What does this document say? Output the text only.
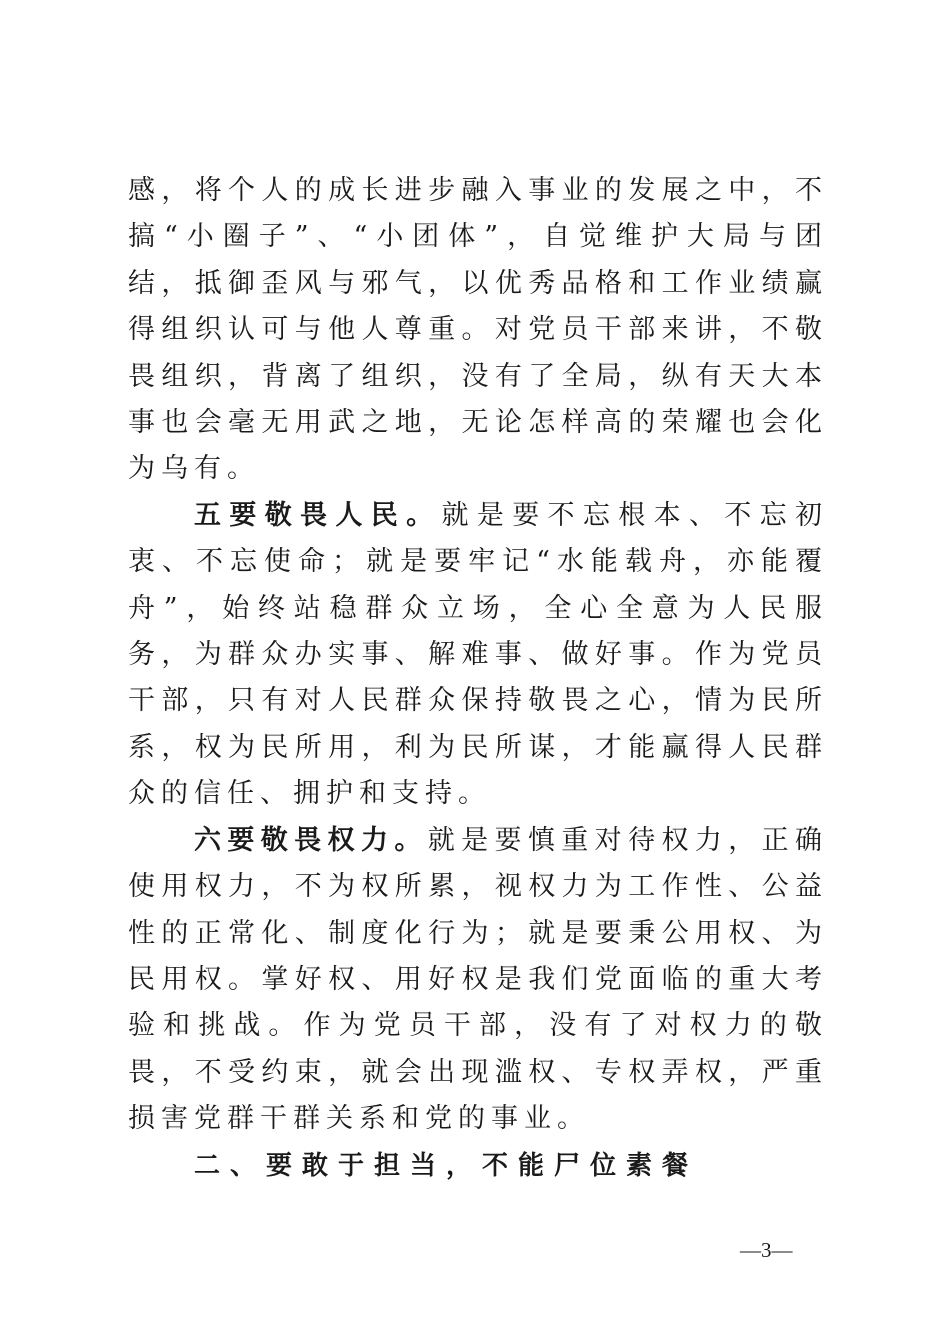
感，将个人的成长进步融入事业的发展之中，不搞“小圈子”、“小团体”，自觉维护大局与团结，抵御歪风与邪气，以优秀品格和工作业绩赢得组织认可与他人尊重。对党员干部来讲，不敬畏组织，背离了组织，没有了全局，纵有天大本事也会毫无用武之地，无论怎样高的荣耀也会化为乌有。

五要敬畏人民。就是要不忘根本、不忘初衷、不忘使命；就是要牢记“水能载舟，亦能覆舟”，始终站稳群众立场，全心全意为人民服务，为群众办实事、解难事、做好事。作为党员干部，只有对人民群众保持敬畏之心，情为民所系，权为民所用，利为民所谋，才能赢得人民群众的信任、拥护和支持。

六要敬畏权力。就是要慎重对待权力，正确使用权力，不为权所累，视权力为工作性、公益性的正常化、制度化行为；就是要秉公用权、为民用权。掌好权、用好权是我们党面临的重大考验和挑战。作为党员干部，没有了对权力的敬畏，不受约束，就会出现滥权、专权弄权，严重损害党群干群关系和党的事业。

二、要敢于担当，不能尸位素餐

—3—
